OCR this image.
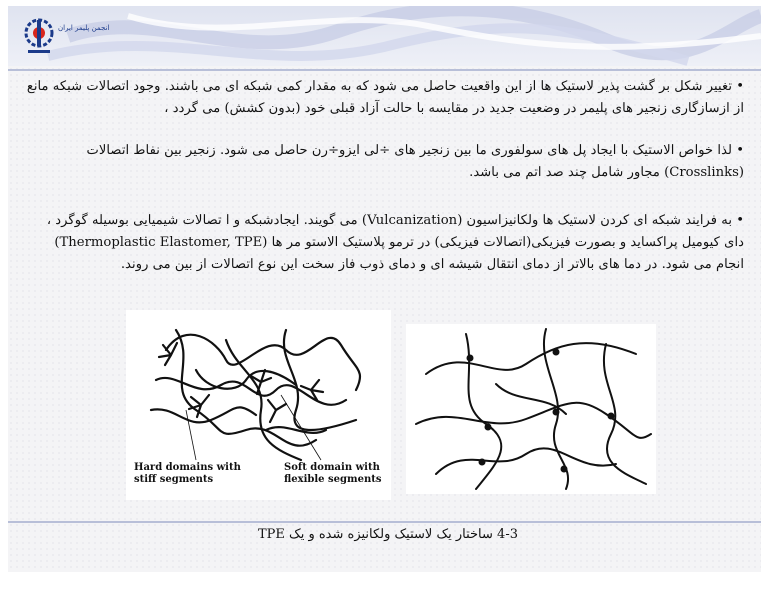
انجمن پلیمر ایران
• تغییر شکل بر گشت پذیر لاستیک ها از این واقعیت حاصل می شود که به مقدار کمی شبکه ای می باشند. وجود اتصالات شبکه مانع از ازسازگاری زنجیر های پلیمر در وضعیت جدید در مقایسه با حالت آزاد قبلی خود (بدون کشش) می گردد ،
• لذا خواص الاستیک با ایجاد پل های سولفوری ما بین زنجیر های ÷لی ایزو÷رن حاصل می شود. زنجیر بین نفاط اتصالات (Crosslinks) مجاور شامل چند صد اتم می باشد.
• به فرایند شبکه ای کردن لاستیک ها ولکانیزاسیون (Vulcanization) می گویند. ایجادشبکه و ا تصالات شیمیایی بوسیله گوگرد ، دای کیومیل پراکساید و بصورت فیزیکی(اتصالات فیزیکی) در ترمو پلاستیک الاستو مر ها (Thermoplastic Elastomer, TPE) انجام می شود. در دما های بالاتر از دمای انتقال شیشه ای و دمای ذوب فاز سخت این نوع اتصالات از بین می روند.
Hard domains with
stiff segments
Soft domain with
flexible segments
4-3 ساختار یک لاستیک ولکانیزه شده و یک TPE
